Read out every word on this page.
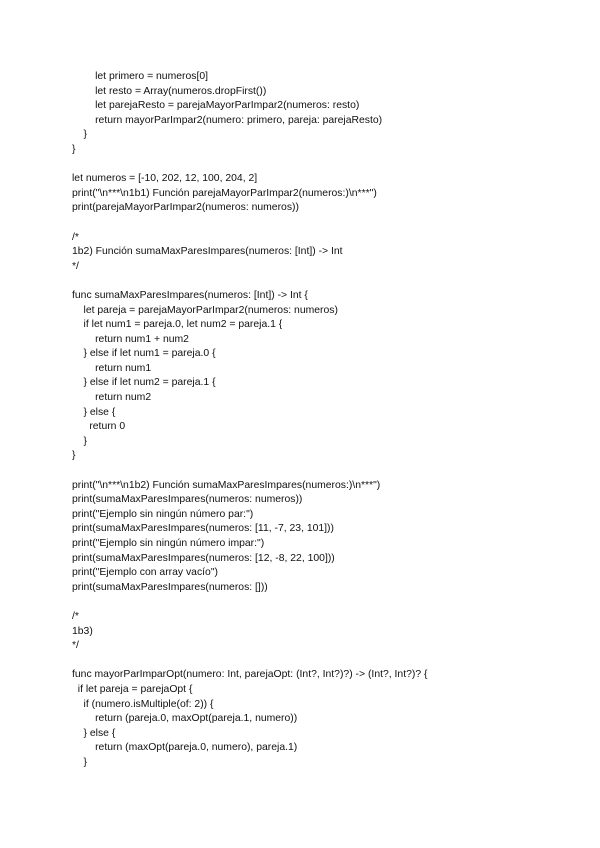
let primero = numeros[0]
let resto = Array(numeros.dropFirst())
let parejaResto = parejaMayorParImpar2(numeros: resto)
return mayorParImpar2(numero: primero, pareja: parejaResto)
}
}
let numeros = [-10, 202, 12, 100, 204, 2]
print("\n***\n1b1) Función parejaMayorParImpar2(numeros:)\n***")
print(parejaMayorParImpar2(numeros: numeros))
/*
1b2) Función sumaMaxParesImpares(numeros: [Int]) -> Int
*/
func sumaMaxParesImpares(numeros: [Int]) -> Int {
let pareja = parejaMayorParImpar2(numeros: numeros)
if let num1 = pareja.0, let num2 = pareja.1 {
return num1 + num2
} else if let num1 = pareja.0 {
return num1
} else if let num2 = pareja.1 {
return num2
} else {
return 0
}
}
print("\n***\n1b2) Función sumaMaxParesImpares(numeros:)\n***")
print(sumaMaxParesImpares(numeros: numeros))
print("Ejemplo sin ningún número par:")
print(sumaMaxParesImpares(numeros: [11, -7, 23, 101]))
print("Ejemplo sin ningún número impar:")
print(sumaMaxParesImpares(numeros: [12, -8, 22, 100]))
print("Ejemplo con array vacío")
print(sumaMaxParesImpares(numeros: []))
/*
1b3)
*/
func mayorParImparOpt(numero: Int, parejaOpt: (Int?, Int?)?) -> (Int?, Int?)? {
if let pareja = parejaOpt {
if (numero.isMultiple(of: 2)) {
return (pareja.0, maxOpt(pareja.1, numero))
} else {
return (maxOpt(pareja.0, numero), pareja.1)
}
